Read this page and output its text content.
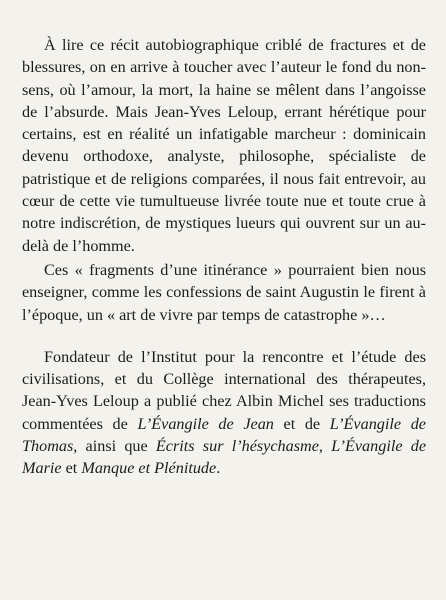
À lire ce récit autobiographique criblé de fractures et de blessures, on en arrive à toucher avec l’auteur le fond du non-sens, où l’amour, la mort, la haine se mêlent dans l’angoisse de l’absurde. Mais Jean-Yves Leloup, errant hérétique pour certains, est en réalité un infatigable marcheur : dominicain devenu orthodoxe, analyste, philosophe, spécialiste de patristique et de religions comparées, il nous fait entrevoir, au cœur de cette vie tumultueuse livrée toute nue et toute crue à notre indiscrétion, de mystiques lueurs qui ouvrent sur un au-delà de l’homme.

Ces « fragments d’une itinérance » pourraient bien nous enseigner, comme les confessions de saint Augustin le firent à l’époque, un « art de vivre par temps de catastrophe »…

Fondateur de l’Institut pour la rencontre et l’étude des civilisations, et du Collège international des thérapeutes, Jean-Yves Leloup a publié chez Albin Michel ses traductions commentées de L’Évangile de Jean et de L’Évangile de Thomas, ainsi que Écrits sur l’hésychasme, L’Évangile de Marie et Manque et Plénitude.
